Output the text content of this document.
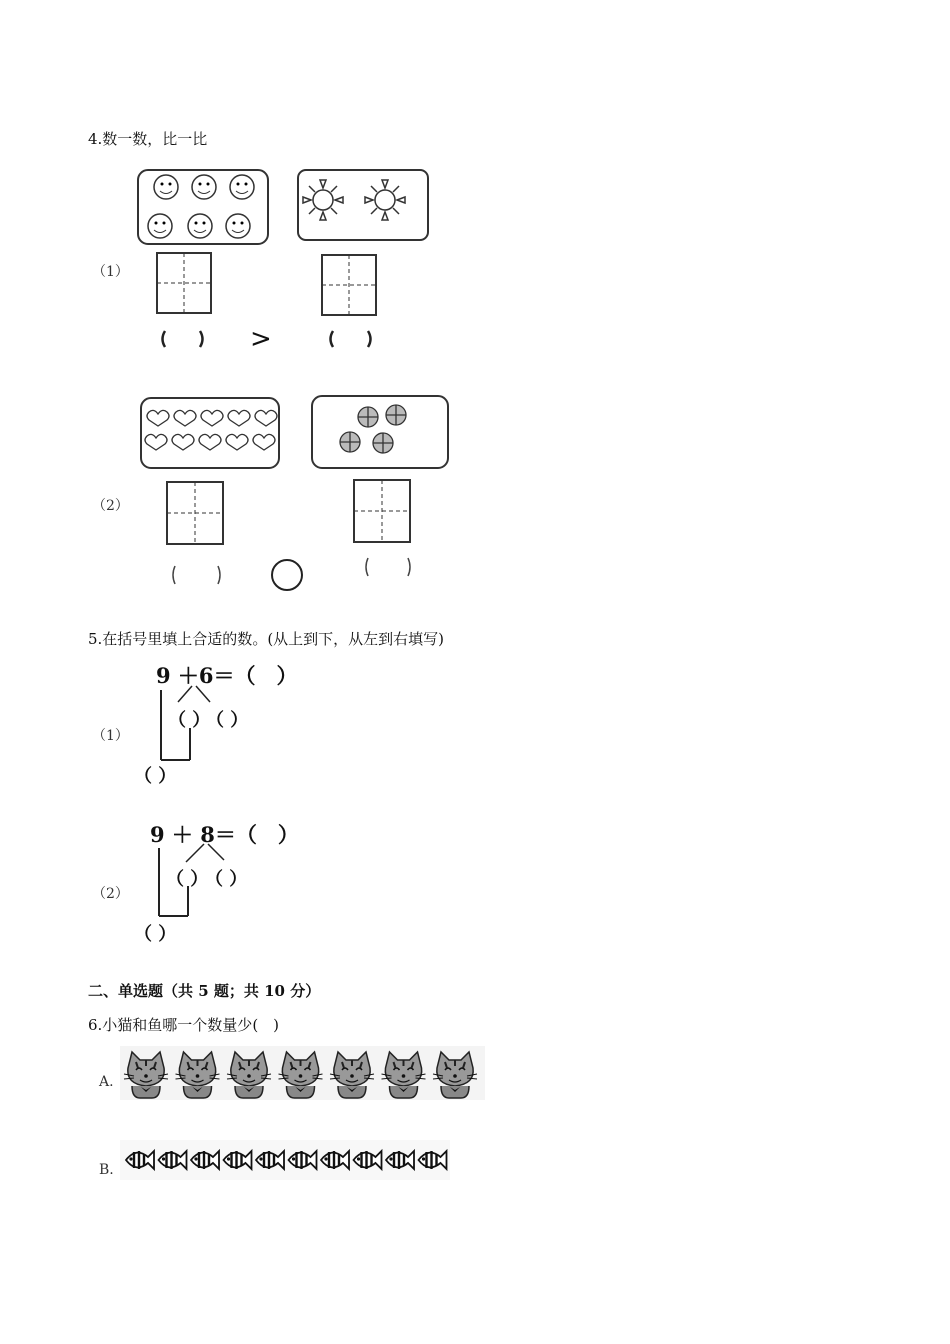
4.数一数，比一比
（1）
>
（2）
5.在括号里填上合适的数。(从上到下，从左到右填写)
（1）
9 ＋6＝（　）
（ ）
（ ）
（ ）
（2）
9 ＋ 8＝（　）
（ ）
（ ）
（ ）
二、单选题（共 5 题；共 10 分）
6.小猫和鱼哪一个数量少(　)
A.
B.
